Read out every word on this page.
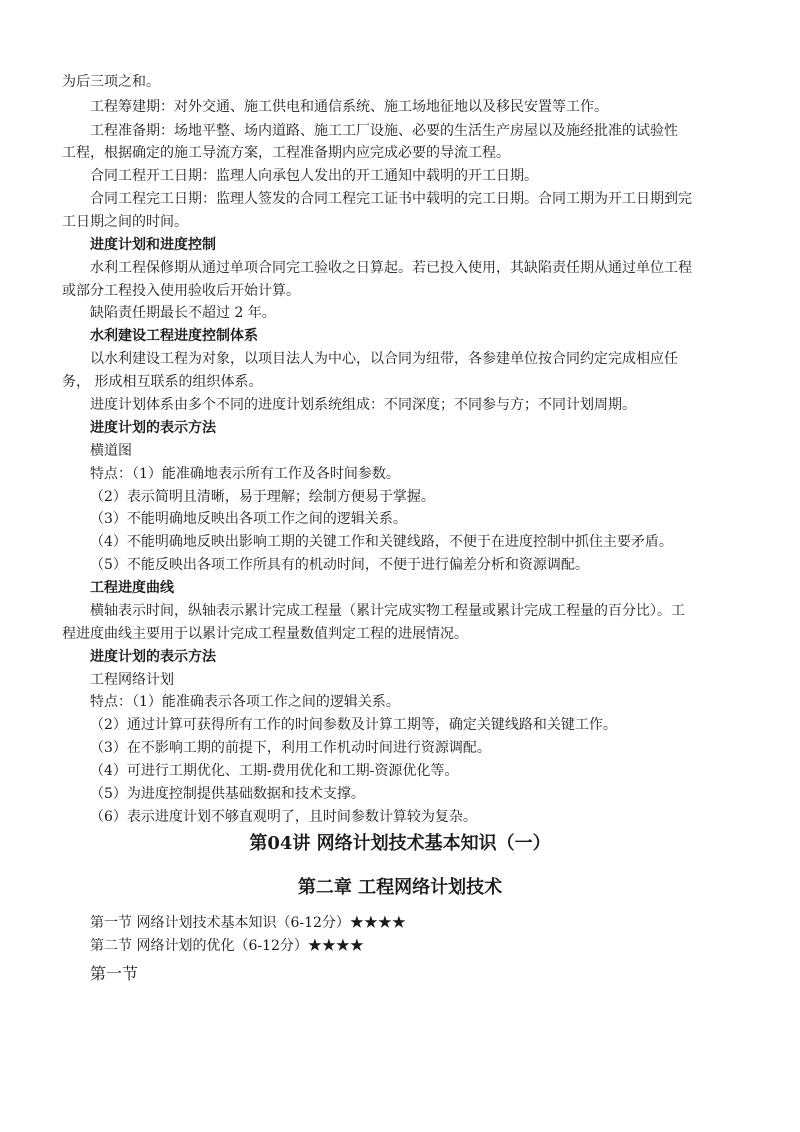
为后三项之和。
工程筹建期：对外交通、施工供电和通信系统、施工场地征地以及移民安置等工作。
工程准备期：场地平整、场内道路、施工工厂设施、必要的生活生产房屋以及施经批准的试验性
工程，根据确定的施工导流方案，工程准备期内应完成必要的导流工程。
合同工程开工日期：监理人向承包人发出的开工通知中载明的开工日期。
合同工程完工日期：监理人签发的合同工程完工证书中载明的完工日期。合同工期为开工日期到完
工日期之间的时间。
进度计划和进度控制
水利工程保修期从通过单项合同完工验收之日算起。若已投入使用，其缺陷责任期从通过单位工程
或部分工程投入使用验收后开始计算。
缺陷责任期最长不超过 2 年。
水利建设工程进度控制体系
以水利建设工程为对象，以项目法人为中心，以合同为纽带，各参建单位按合同约定完成相应任
务， 形成相互联系的组织体系。
进度计划体系由多个不同的进度计划系统组成：不同深度；不同参与方；不同计划周期。
进度计划的表示方法
横道图
特点：（1）能准确地表示所有工作及各时间参数。
（2）表示简明且清晰，易于理解；绘制方便易于掌握。
（3）不能明确地反映出各项工作之间的逻辑关系。
（4）不能明确地反映出影响工期的关键工作和关键线路，不便于在进度控制中抓住主要矛盾。
（5）不能反映出各项工作所具有的机动时间，不便于进行偏差分析和资源调配。
工程进度曲线
横轴表示时间，纵轴表示累计完成工程量（累计完成实物工程量或累计完成工程量的百分比）。工
程进度曲线主要用于以累计完成工程量数值判定工程的进展情况。
进度计划的表示方法
工程网络计划
特点：（1）能准确表示各项工作之间的逻辑关系。
（2）通过计算可获得所有工作的时间参数及计算工期等，确定关键线路和关键工作。
（3）在不影响工期的前提下，利用工作机动时间进行资源调配。
（4）可进行工期优化、工期-费用优化和工期-资源优化等。
（5）为进度控制提供基础数据和技术支撑。
（6）表示进度计划不够直观明了，且时间参数计算较为复杂。
第04讲 网络计划技术基本知识（一）
第二章 工程网络计划技术
第一节 网络计划技术基本知识（6-12分）★★★★
第二节 网络计划的优化（6-12分）★★★★
第一节
